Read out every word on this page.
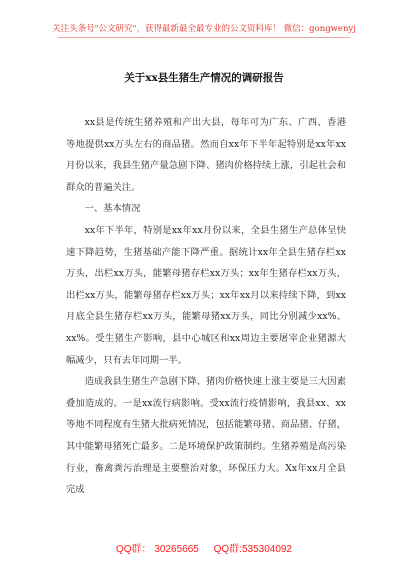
关注头条号"公文研究"，获得最新最全最专业的公文资料库！ 微信：gongwenyj
关于xx县生猪生产情况的调研报告

xx县是传统生猪养殖和产出大县，每年可为广东、广西、香港等地提供xx万头左右的商品猪。然而自xx年下半年起特别是xx年xx月份以来，我县生猪产量急剧下降、猪肉价格持续上涨，引起社会和群众的普遍关注。

一、基本情况

xx年下半年，特别是xx年xx月份以来，全县生猪生产总体呈快速下降趋势，生猪基础产能下降严重。据统计xx年全县生猪存栏xx万头，出栏xx万头，能繁母猪存栏xx万头；xx年生猪存栏xx万头，出栏xx万头，能繁母猪存栏xx万头；xx年xx月以来持续下降，到xx月底全县生猪存栏xx万头，能繁母猪xx万头，同比分别减少xx%、xx%。受生猪生产影响，县中心城区和xx周边主要屠宰企业猪源大幅减少，只有去年同期一半。

造成我县生猪生产急剧下降、猪肉价格快速上涨主要是三大因素叠加造成的。一是xx流行病影响。受xx流行疫情影响，我县xx、xx等地不同程度有生猪大批病死情况，包括能繁母猪、商品猪、仔猪，其中能繁母猪死亡最多。二是环境保护政策制约。生猪养殖是高污染行业，畜禽粪污治理是主要整治对象，环保压力大。Xx年xx月全县完成

QQ群： 30265665 QQ群:535304092
